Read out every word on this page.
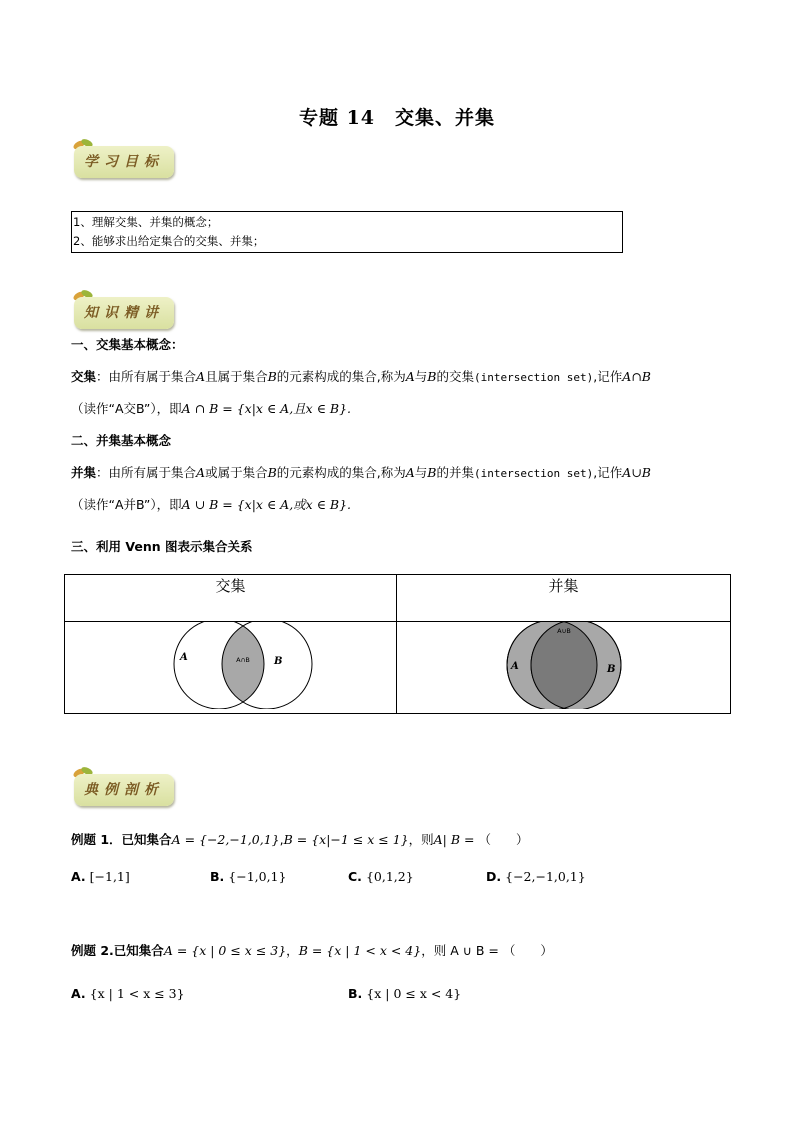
专题 14　交集、并集
学习目标
1、理解交集、并集的概念；
2、能够求出给定集合的交集、并集；
知识精讲
一、交集基本概念：
交集：由所有属于集合A且属于集合B的元素构成的集合,称为A与B的交集(intersection set),记作A∩B
（读作“A交B”），即A ∩ B = {x|x ∈ A,且x ∈ B}.
二、并集基本概念
并集：由所有属于集合A或属于集合B的元素构成的集合,称为A与B的并集(intersection set),记作A∪B
（读作“A并B”），即A ∪ B = {x|x ∈ A,或x ∈ B}.
三、利用 Venn 图表示集合关系
交集	并集

A B
A∩B	A B
A∪B
典例剖析
例题 1．已知集合A = {−2,−1,0,1},B = {x|−1 ≤ x ≤ 1}，则A| B = （　　）
A. [−1,1]	B. {−1,0,1}	C. {0,1,2}	D. {−2,−1,0,1}
例题 2.已知集合A = {x | 0 ≤ x ≤ 3}，B = {x | 1 < x < 4}，则 A ∪ B = （　　）
A. {x | 1 < x ≤ 3}	B. {x | 0 ≤ x < 4}
